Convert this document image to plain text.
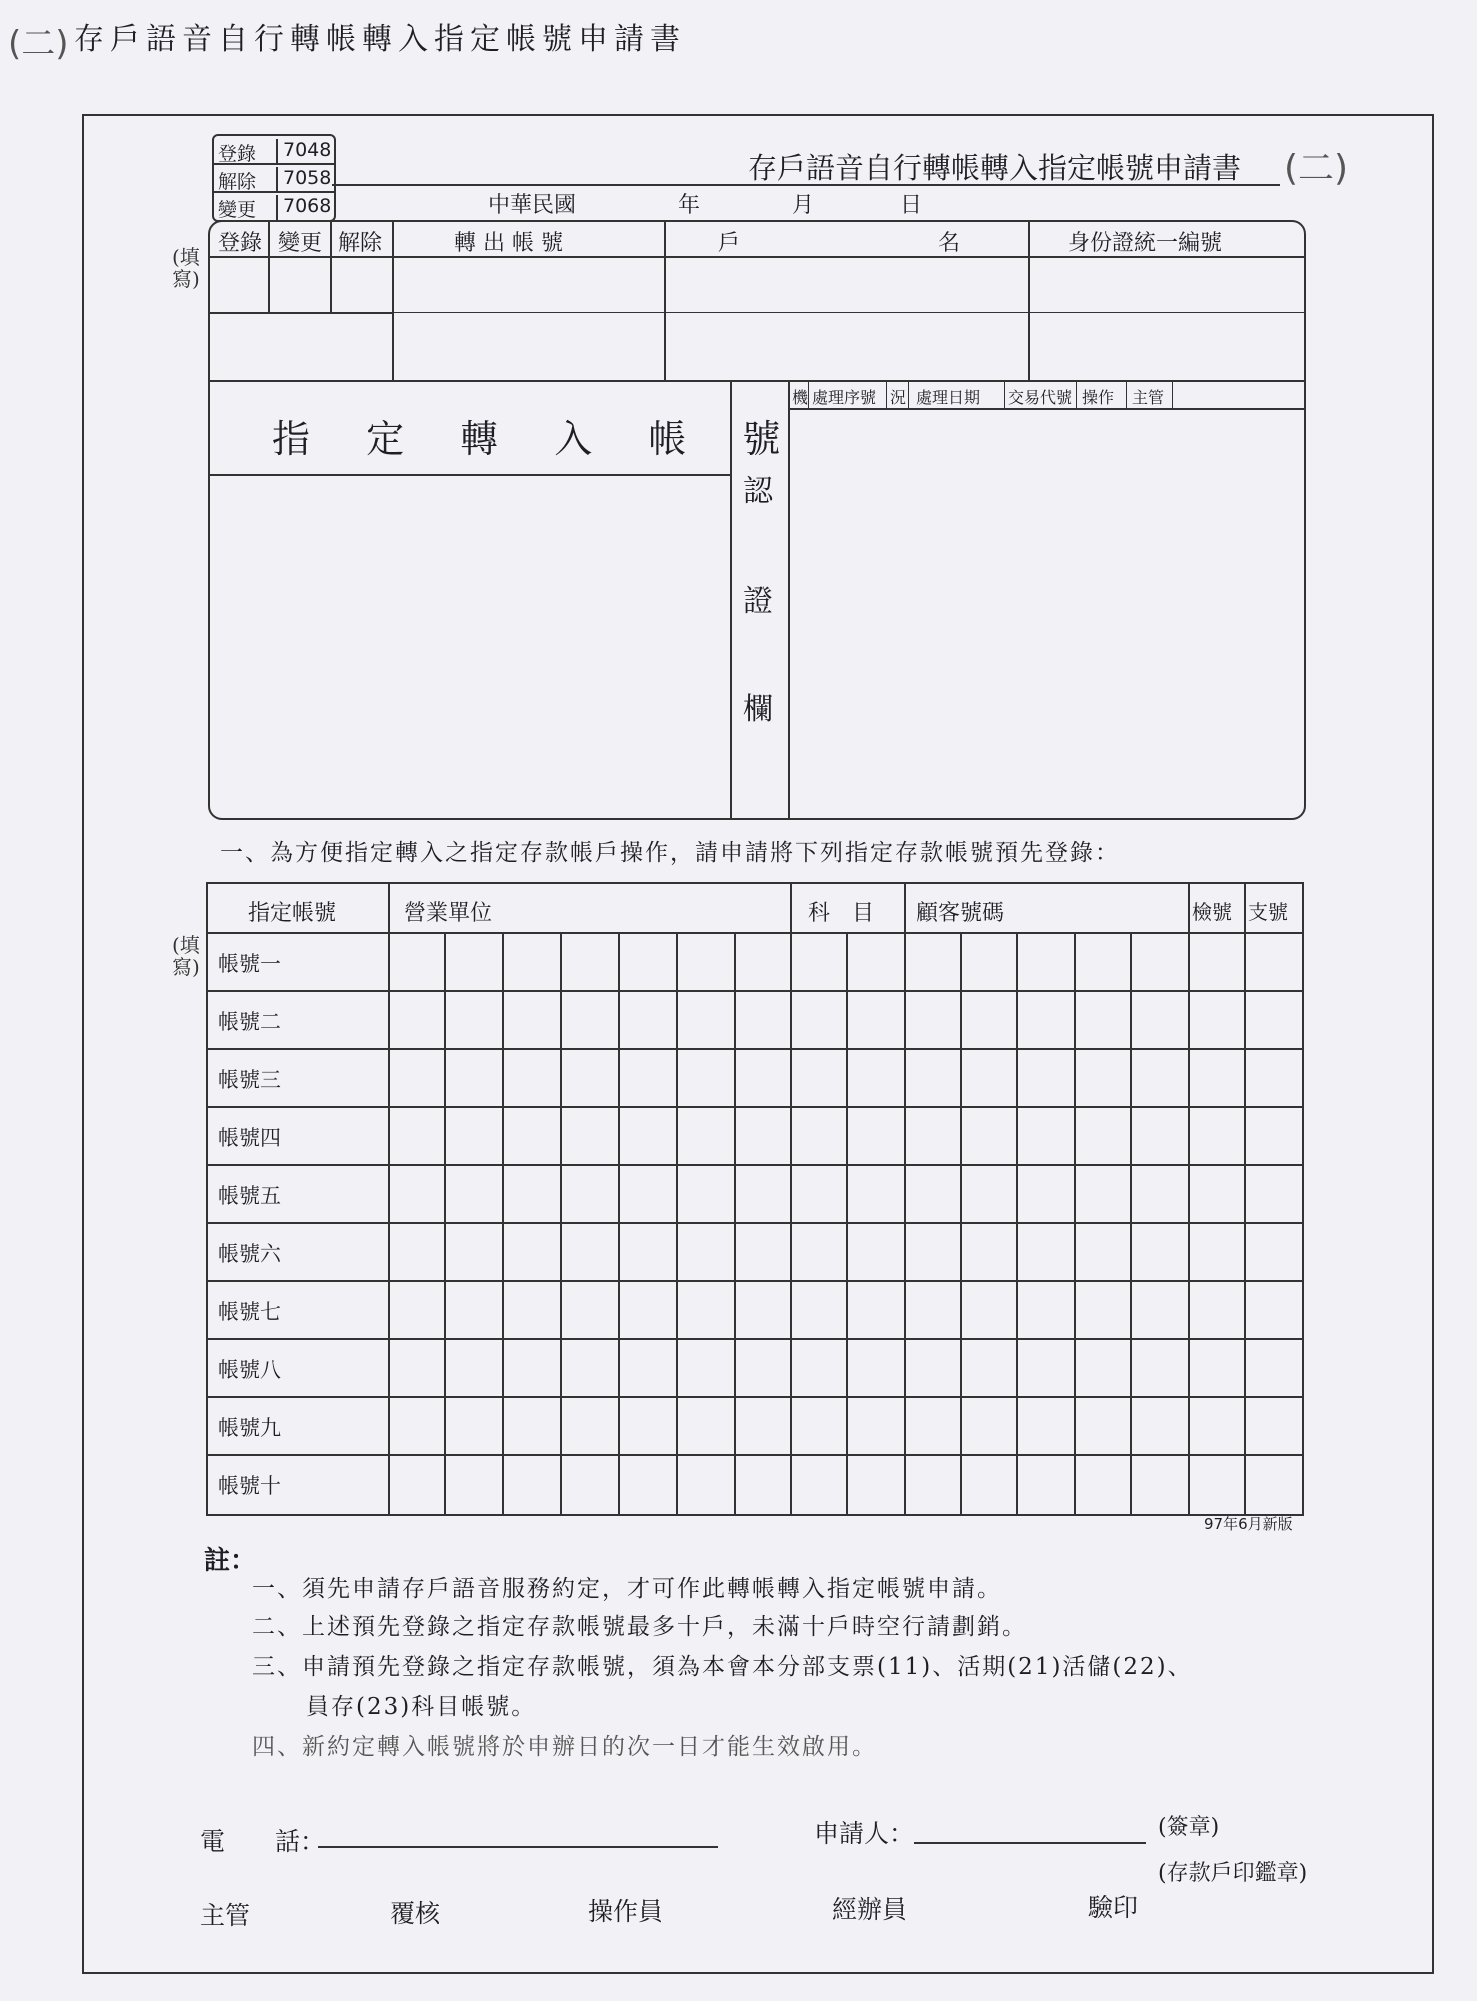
(二) 存戶語音自行轉帳轉入指定帳號申請書
登錄	7048
解除	7058
變更	7068
存戶語音自行轉帳轉入指定帳號申請書 (二)
中華民國	年	月	日
(填寫)
(填寫)
登錄 變更 解除	轉 出 帳 號	戶	名	身份證統一編號
指 定 轉 入 帳 號
認
證
欄
機 處理序號 況 處理日期 交易代號 操作 主管
一、為方便指定轉入之指定存款帳戶操作，請申請將下列指定存款帳號預先登錄：
指定帳號	營業單位	科　目 顧客號碼	檢號 支號
帳號一
帳號二
帳號三
帳號四
帳號五
帳號六
帳號七
帳號八
帳號九
帳號十
97年6月新版
註：
一、須先申請存戶語音服務約定，才可作此轉帳轉入指定帳號申請。
二、上述預先登錄之指定存款帳號最多十戶，未滿十戶時空行請劃銷。
三、申請預先登錄之指定存款帳號，須為本會本分部支票(11)、活期(21)活儲(22)、
員存(23)科目帳號。
四、新約定轉入帳號將於申辦日的次一日才能生效啟用。
電　　話：	申請人：	(簽章)
(存款戶印鑑章)
主管	覆核	操作員	經辦員	驗印
